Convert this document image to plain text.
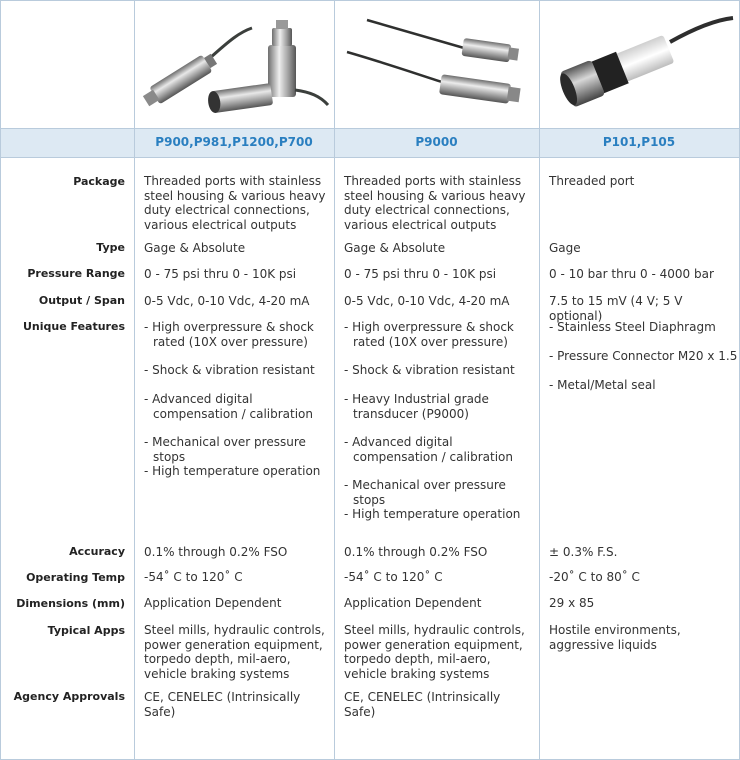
P900,P981,P1200,P700	P9000	P101,P105
Package
Type
Pressure Range
Output / Span
Unique Features
Accuracy
Operating Temp
Dimensions (mm)
Typical Apps
Agency Approvals
Threaded ports with stainless steel housing & various heavy duty electrical connections, various electrical outputs
Gage & Absolute
0 - 75 psi thru 0 - 10K psi
0-5 Vdc, 0-10 Vdc, 4-20 mA
- High overpressure & shock rated (10X over pressure)
- Shock & vibration resistant
- Advanced digital compensation / calibration
- Mechanical over pressure stops
- High temperature operation
0.1% through 0.2% FSO
-54˚ C to 120˚ C
Application Dependent
Steel mills, hydraulic controls, power generation equipment, torpedo depth, mil-aero, vehicle braking systems
CE, CENELEC (Intrinsically Safe)
Threaded ports with stainless steel housing & various heavy duty electrical connections, various electrical outputs
Gage & Absolute
0 - 75 psi thru 0 - 10K psi
0-5 Vdc, 0-10 Vdc, 4-20 mA
- High overpressure & shock rated (10X over pressure)
- Shock & vibration resistant
- Heavy Industrial grade transducer (P9000)
- Advanced digital compensation / calibration
- Mechanical over pressure stops
- High temperature operation
0.1% through 0.2% FSO
-54˚ C to 120˚ C
Application Dependent
Steel mills, hydraulic controls, power generation equipment, torpedo depth, mil-aero, vehicle braking systems
CE, CENELEC (Intrinsically Safe)
Threaded port
Gage
0 - 10 bar thru 0 - 4000 bar
7.5 to 15 mV (4 V; 5 V optional)
- Stainless Steel Diaphragm
- Pressure Connector M20 x 1.5
- Metal/Metal seal
± 0.3% F.S.
-20˚ C to 80˚ C
29 x 85
Hostile environments, aggressive liquids
